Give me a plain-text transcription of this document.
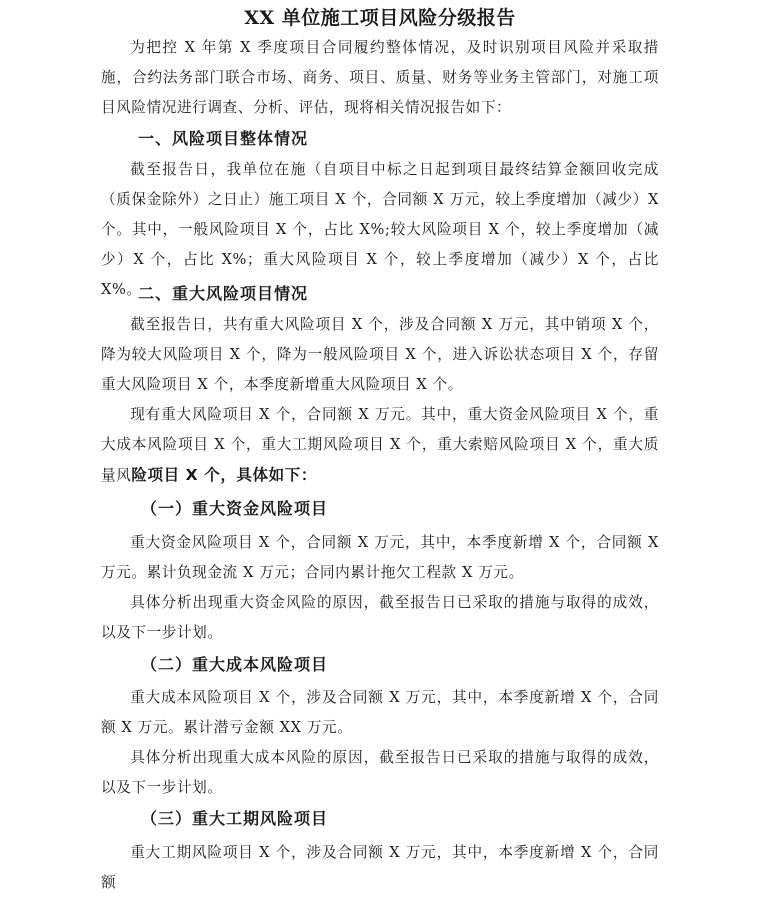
XX 单位施工项目风险分级报告

为把控 X 年第 X 季度项目合同履约整体情况，及时识别项目风险并采取措施，合约法务部门联合市场、商务、项目、质量、财务等业务主管部门，对施工项目风险情况进行调查、分析、评估，现将相关情况报告如下：

一、风险项目整体情况

截至报告日，我单位在施（自项目中标之日起到项目最终结算金额回收完成（质保金除外）之日止）施工项目 X 个，合同额 X 万元，较上季度增加（减少）X 个。其中，一般风险项目 X 个，占比 X%;较大风险项目 X 个，较上季度增加（减少）X 个，占比 X%；重大风险项目 X 个，较上季度增加（减少）X 个，占比 X%。

二、重大风险项目情况

截至报告日，共有重大风险项目 X 个，涉及合同额 X 万元，其中销项 X 个，降为较大风险项目 X 个，降为一般风险项目 X 个，进入诉讼状态项目 X 个，存留重大风险项目 X 个，本季度新增重大风险项目 X 个。

现有重大风险项目 X 个，合同额 X 万元。其中，重大资金风险项目 X 个，重大成本风险项目 X 个，重大工期风险项目 X 个，重大索赔风险项目 X 个，重大质量风险项目 X 个，具体如下：

（一）重大资金风险项目

重大资金风险项目 X 个，合同额 X 万元，其中，本季度新增 X 个，合同额 X 万元。累计负现金流 X 万元；合同内累计拖欠工程款 X 万元。

具体分析出现重大资金风险的原因，截至报告日已采取的措施与取得的成效，以及下一步计划。

（二）重大成本风险项目

重大成本风险项目 X 个，涉及合同额 X 万元，其中，本季度新增 X 个，合同额 X 万元。累计潜亏金额 XX 万元。

具体分析出现重大成本风险的原因，截至报告日已采取的措施与取得的成效，以及下一步计划。

（三）重大工期风险项目

重大工期风险项目 X 个，涉及合同额 X 万元，其中，本季度新增 X 个，合同额
